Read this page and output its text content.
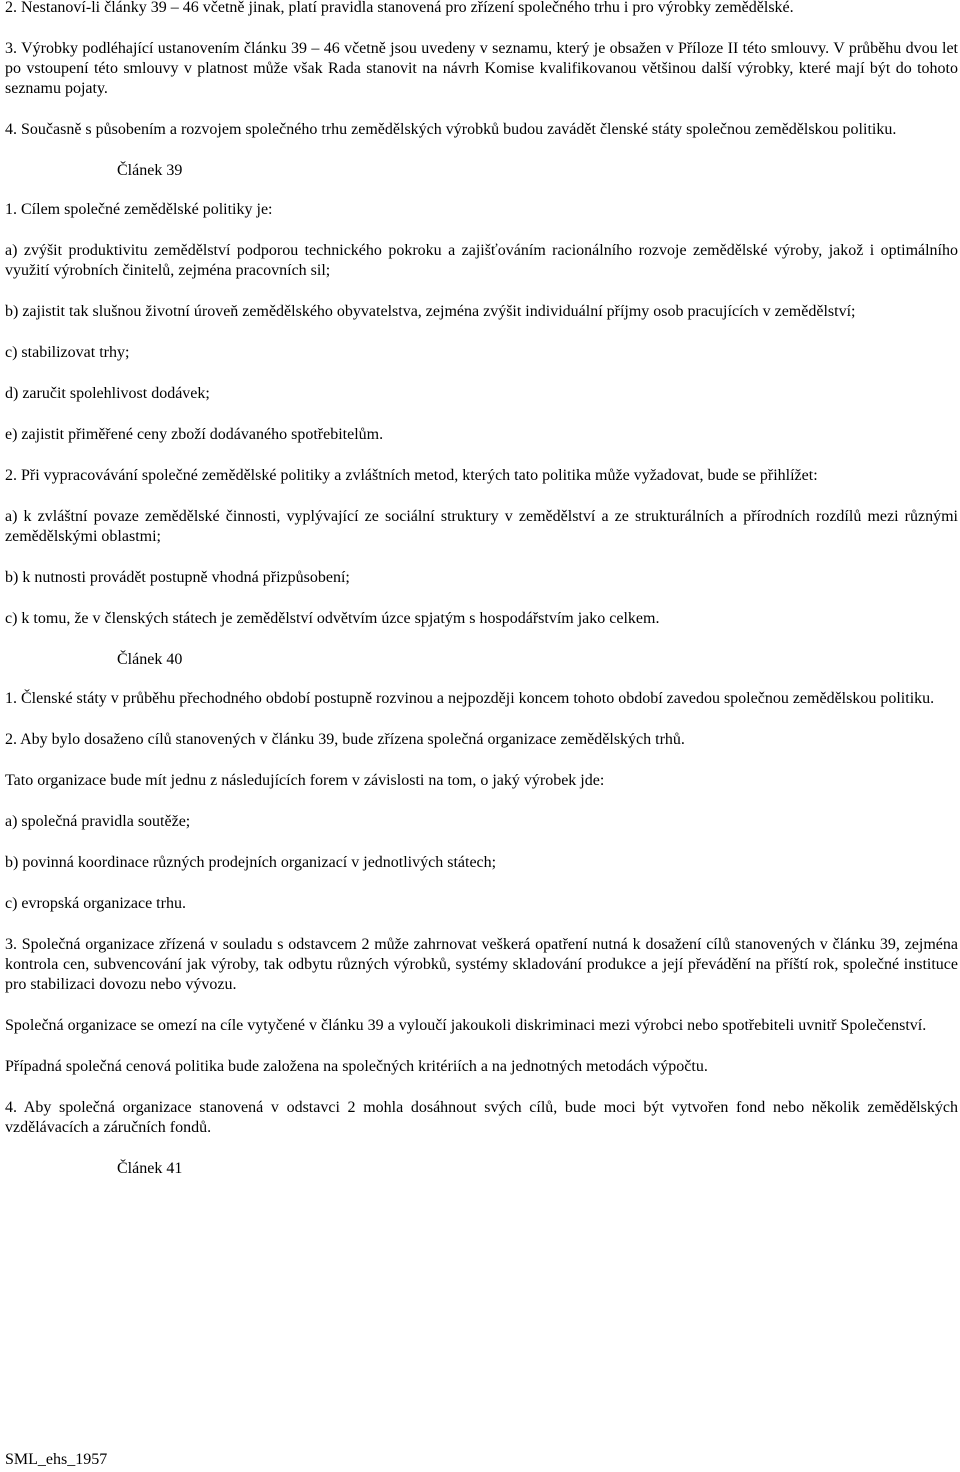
2. Nestanoví-li články 39 – 46 včetně jinak, platí pravidla stanovená pro zřízení společného trhu i pro výrobky zemědělské.

3. Výrobky podléhající ustanovením článku 39 – 46 včetně jsou uvedeny v seznamu, který je obsažen v Příloze II této smlouvy. V průběhu dvou let po vstoupení této smlouvy v platnost může však Rada stanovit na návrh Komise kvalifikovanou většinou další výrobky, které mají být do tohoto seznamu pojaty.

4. Současně s působením a rozvojem společného trhu zemědělských výrobků budou zavádět členské státy společnou zemědělskou politiku.

Článek 39

1. Cílem společné zemědělské politiky je:

a) zvýšit produktivitu zemědělství podporou technického pokroku a zajišťováním racionálního rozvoje zemědělské výroby, jakož i optimálního využití výrobních činitelů, zejména pracovních sil;

b) zajistit tak slušnou životní úroveň zemědělského obyvatelstva, zejména zvýšit individuální příjmy osob pracujících v zemědělství;

c) stabilizovat trhy;

d) zaručit spolehlivost dodávek;

e) zajistit přiměřené ceny zboží dodávaného spotřebitelům.

2. Při vypracovávání společné zemědělské politiky a zvláštních metod, kterých tato politika může vyžadovat, bude se přihlížet:

a) k zvláštní povaze zemědělské činnosti, vyplývající ze sociální struktury v zemědělství a ze strukturálních a přírodních rozdílů mezi různými zemědělskými oblastmi;

b) k nutnosti provádět postupně vhodná přizpůsobení;

c) k tomu, že v členských státech je zemědělství odvětvím úzce spjatým s hospodářstvím jako celkem.

Článek 40

1. Členské státy v průběhu přechodného období postupně rozvinou a nejpozději koncem tohoto období zavedou společnou zemědělskou politiku.

2. Aby bylo dosaženo cílů stanovených v článku 39, bude zřízena společná organizace zemědělských trhů.

Tato organizace bude mít jednu z následujících forem v závislosti na tom, o jaký výrobek jde:

a) společná pravidla soutěže;

b) povinná koordinace různých prodejních organizací v jednotlivých státech;

c) evropská organizace trhu.

3. Společná organizace zřízená v souladu s odstavcem 2 může zahrnovat veškerá opatření nutná k dosažení cílů stanovených v článku 39, zejména kontrola cen, subvencování jak výroby, tak odbytu různých výrobků, systémy skladování produkce a její převádění na příští rok, společné instituce pro stabilizaci dovozu nebo vývozu.

Společná organizace se omezí na cíle vytyčené v článku 39 a vyloučí jakoukoli diskriminaci mezi výrobci nebo spotřebiteli uvnitř Společenství.

Případná společná cenová politika bude založena na společných kritériích a na jednotných metodách výpočtu.

4. Aby společná organizace stanovená v odstavci 2 mohla dosáhnout svých cílů, bude moci být vytvořen fond nebo několik zemědělských vzdělávacích a záručních fondů.

Článek 41

SML_ehs_1957
